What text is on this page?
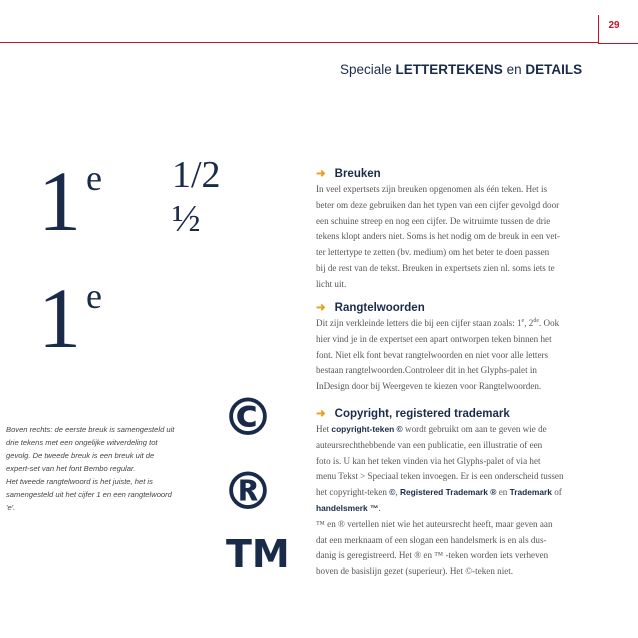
29
Speciale LETTERTEKENS en DETAILS
1 e
1 e
1/2
½
©
®
TM

Boven rechts: de eerste breuk is samengesteld uit drie tekens met een ongelijke witverdeling tot gevolg. De tweede breuk is een breuk uit de expert-set van het font Bembo regular.

Het tweede rangtelwoord is het juiste, het is samengesteld uit het cijfer 1 en een rangtelwoord 'e'.

➜ Breuken
In veel expertsets zijn breuken opgenomen als één teken. Het is
beter om deze gebruiken dan het typen van een cijfer gevolgd door
een schuine streep en nog een cijfer. De witruimte tussen de drie
tekens klopt anders niet. Soms is het nodig om de breuk in een vet-
ter lettertype te zetten (bv. medium) om het beter te doen passen
bij de rest van de tekst. Breuken in expertsets zien nl. soms iets te
licht uit.
➜ Rangtelwoorden
Dit zijn verkleinde letters die bij een cijfer staan zoals: 1e, 2de. Ook
hier vind je in de expertset een apart ontworpen teken binnen het
font. Niet elk font bevat rangtelwoorden en niet voor alle letters
bestaan rangtelwoorden.Controleer dit in het Glyphs-palet in
InDesign door bij Weergeven te kiezen voor Rangtelwoorden.
➜ Copyright, registered trademark
Het copyright-teken © wordt gebruikt om aan te geven wie de
auteursrechthebbende van een publicatie, een illustratie of een
foto is. U kan het teken vinden via het Glyphs-palet of via het
menu Tekst > Speciaal teken invoegen. Er is een onderscheid tussen
het copyright-teken ©, Registered Trademark ® en Trademark of
handelsmerk ™.
™ en ® vertellen niet wie het auteursrecht heeft, maar geven aan
dat een merknaam of een slogan een handelsmerk is en als dus-
danig is geregistreerd. Het ® en ™ -teken worden iets verheven
boven de basislijn gezet (superieur). Het ©-teken niet.
